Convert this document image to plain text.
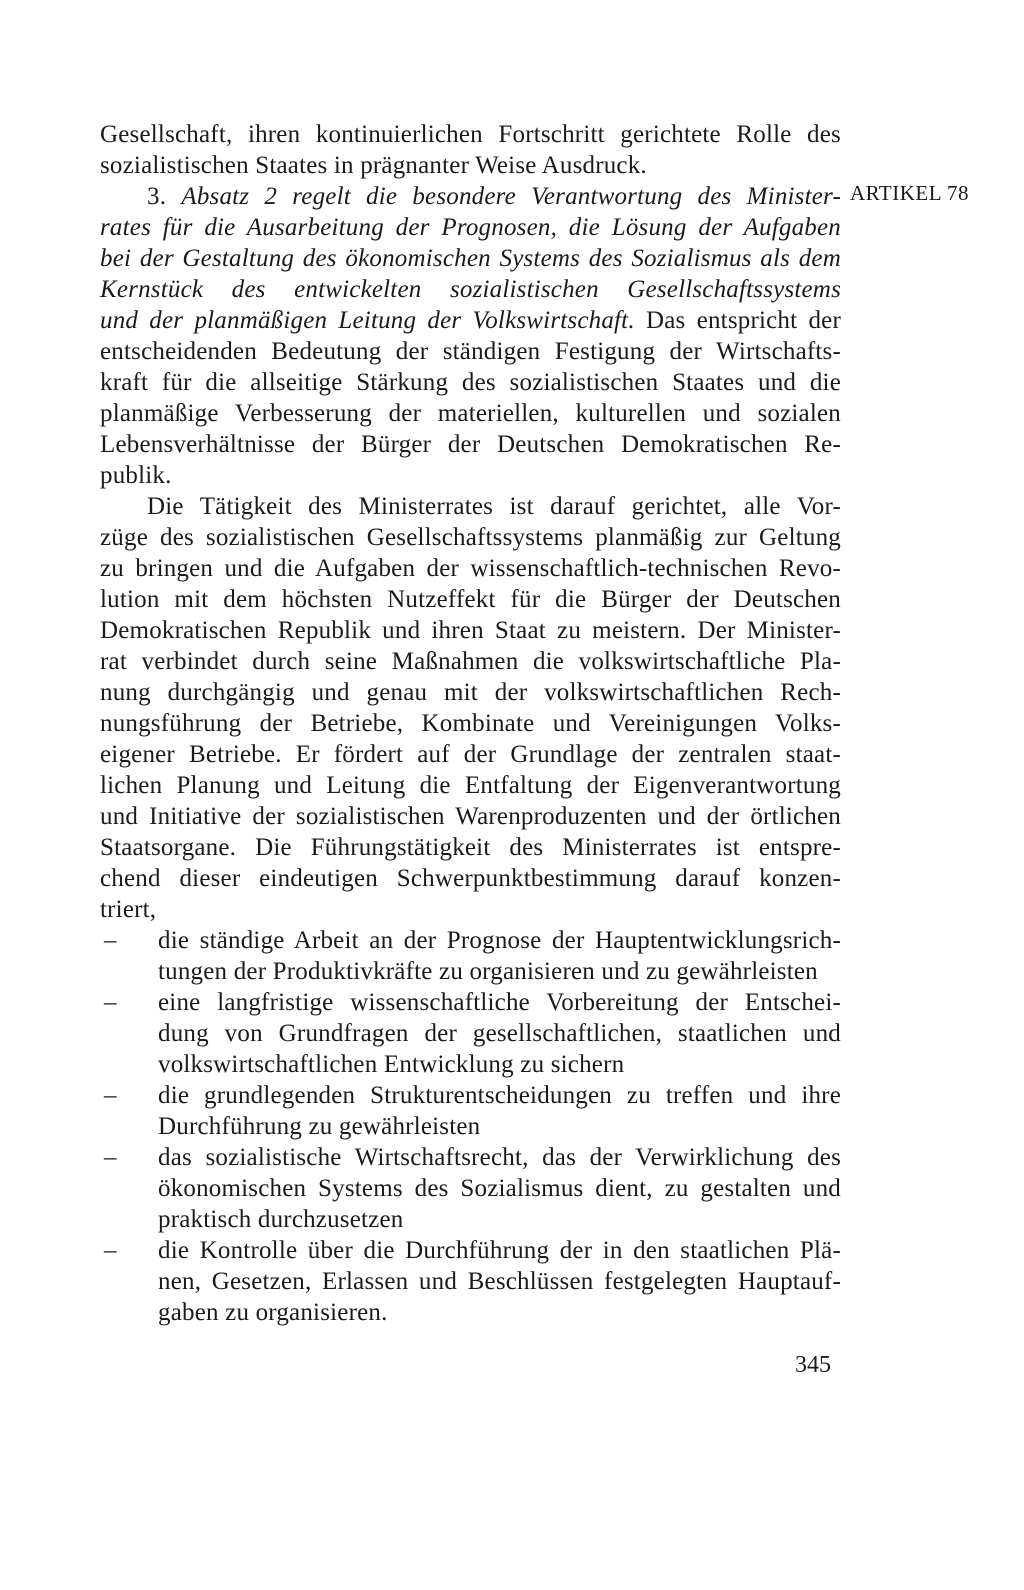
ARTIKEL 78
Gesellschaft, ihren kontinuierlichen Fortschritt gerichtete Rolle des
sozialistischen Staates in prägnanter Weise Ausdruck.
3. Absatz 2 regelt die besondere Verantwortung des Minister-
rates für die Ausarbeitung der Prognosen, die Lösung der Aufgaben
bei der Gestaltung des ökonomischen Systems des Sozialismus als dem
Kernstück des entwickelten sozialistischen Gesellschaftssystems
und der planmäßigen Leitung der Volkswirtschaft. Das entspricht der
entscheidenden Bedeutung der ständigen Festigung der Wirtschafts-
kraft für die allseitige Stärkung des sozialistischen Staates und die
planmäßige Verbesserung der materiellen, kulturellen und sozialen
Lebensverhältnisse der Bürger der Deutschen Demokratischen Re-
publik.
Die Tätigkeit des Ministerrates ist darauf gerichtet, alle Vor-
züge des sozialistischen Gesellschaftssystems planmäßig zur Geltung
zu bringen und die Aufgaben der wissenschaftlich-technischen Revo-
lution mit dem höchsten Nutzeffekt für die Bürger der Deutschen
Demokratischen Republik und ihren Staat zu meistern. Der Minister-
rat verbindet durch seine Maßnahmen die volkswirtschaftliche Pla-
nung durchgängig und genau mit der volkswirtschaftlichen Rech-
nungsführung der Betriebe, Kombinate und Vereinigungen Volks-
eigener Betriebe. Er fördert auf der Grundlage der zentralen staat-
lichen Planung und Leitung die Entfaltung der Eigenverantwortung
und Initiative der sozialistischen Warenproduzenten und der örtlichen
Staatsorgane. Die Führungstätigkeit des Ministerrates ist entspre-
chend dieser eindeutigen Schwerpunktbestimmung darauf konzen-
triert,
– die ständige Arbeit an der Prognose der Hauptentwicklungsrich-
tungen der Produktivkräfte zu organisieren und zu gewährleisten
– eine langfristige wissenschaftliche Vorbereitung der Entschei-
dung von Grundfragen der gesellschaftlichen, staatlichen und
volkswirtschaftlichen Entwicklung zu sichern
– die grundlegenden Strukturentscheidungen zu treffen und ihre
Durchführung zu gewährleisten
– das sozialistische Wirtschaftsrecht, das der Verwirklichung des
ökonomischen Systems des Sozialismus dient, zu gestalten und
praktisch durchzusetzen
– die Kontrolle über die Durchführung der in den staatlichen Plä-
nen, Gesetzen, Erlassen und Beschlüssen festgelegten Hauptauf-
gaben zu organisieren.
345
